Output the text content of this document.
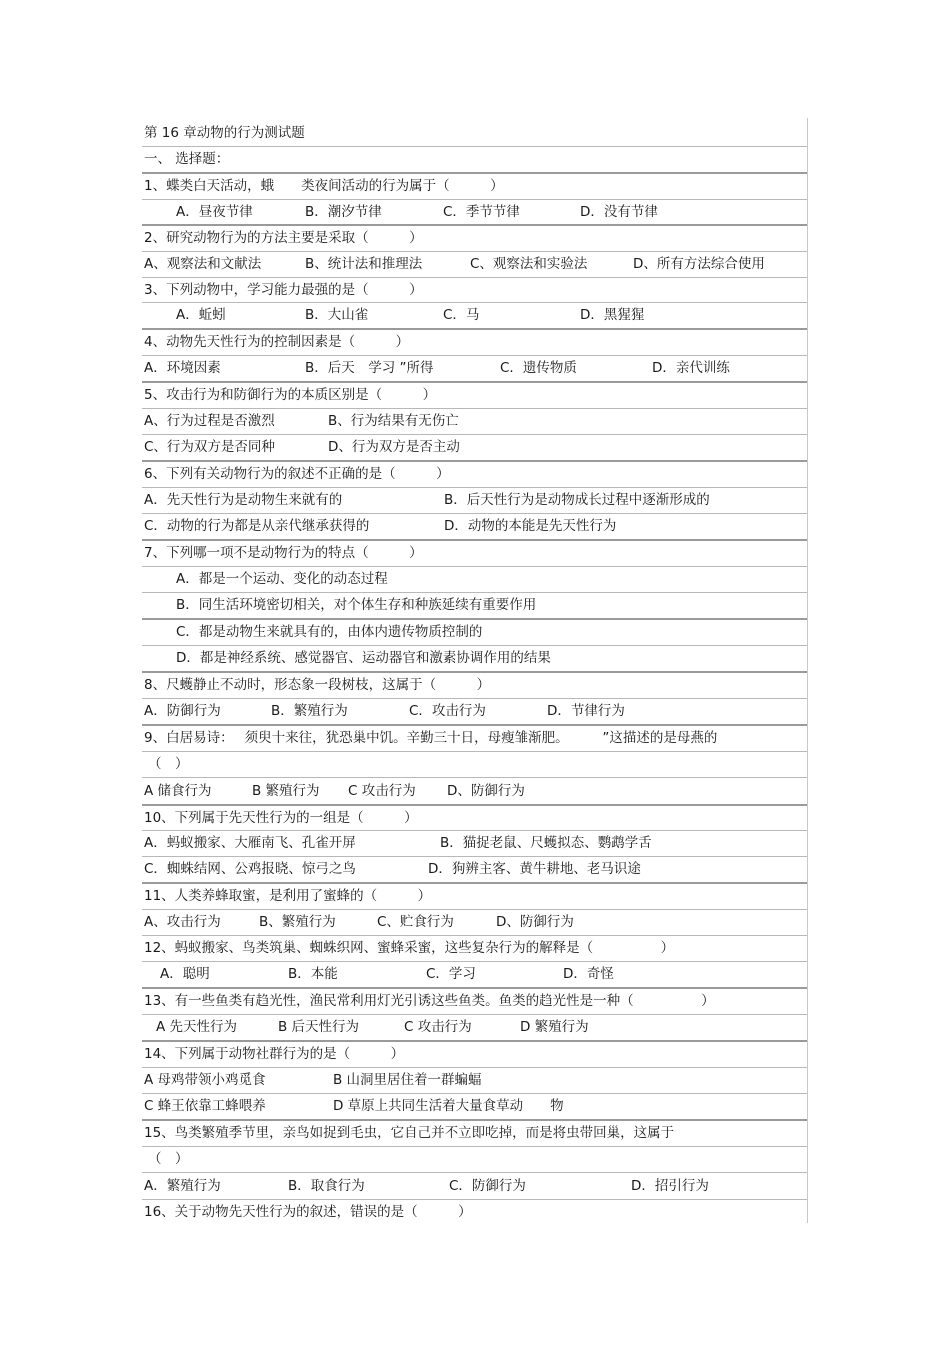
第 16 章动物的行为测试题
一、 选择题：
1、蝶类白天活动，蛾　　类夜间活动的行为属于（　　　）
A．昼夜节律	B．潮汐节律	C．季节节律	D．没有节律
2、研究动物行为的方法主要是采取（　　　）
A、观察法和文献法	B、统计法和推理法	C、观察法和实验法	D、所有方法综合使用
3、下列动物中，学习能力最强的是（　　　）
A．蚯蚓	B．大山雀	C．马	D．黑猩猩
4、动物先天性行为的控制因素是（　　　）
A．环境因素	B．后天　学习 ”所得	C．遗传物质	D．亲代训练
5、攻击行为和防御行为的本质区别是（　　　）
A、行为过程是否激烈	B、行为结果有无伤亡
C、行为双方是否同种	D、行为双方是否主动
6、下列有关动物行为的叙述不正确的是（　　　）
A．先天性行为是动物生来就有的	B．后天性行为是动物成长过程中逐渐形成的
C．动物的行为都是从亲代继承获得的	D．动物的本能是先天性行为
7、下列哪一项不是动物行为的特点（　　　）
A．都是一个运动、变化的动态过程
B．同生活环境密切相关，对个体生存和种族延续有重要作用
C．都是动物生来就具有的，由体内遗传物质控制的
D．都是神经系统、感觉器官、运动器官和激素协调作用的结果
8、尺蠖静止不动时，形态象一段树枝，这属于（　　　）
A．防御行为	B．繁殖行为	C．攻击行为	D．节律行为
9、白居易诗：　 须臾十来往，犹恐巢中饥。辛勤三十日，母瘦雏渐肥。　　　”这描述的是母燕的
（　）
A 储食行为	B 繁殖行为 C 攻击行为 D、防御行为
10、下列属于先天性行为的一组是（　　　）
A．蚂蚁搬家、大雁南飞、孔雀开屏	B．猫捉老鼠、尺蠖拟态、鹦鹉学舌
C．蜘蛛结网、公鸡报晓、惊弓之鸟	D．狗辨主客、黄牛耕地、老马识途
11、人类养蜂取蜜，是利用了蜜蜂的（　　　）
A、攻击行为	B、繁殖行为	C、贮食行为	D、防御行为
12、蚂蚁搬家、鸟类筑巢、蜘蛛织网、蜜蜂采蜜，这些复杂行为的解释是（　　　　　）
A．聪明	B．本能	C．学习	D．奇怪
13、有一些鱼类有趋光性，渔民常利用灯光引诱这些鱼类。鱼类的趋光性是一种（　　　　　）
A 先天性行为	B 后天性行为	C 攻击行为	D 繁殖行为
14、下列属于动物社群行为的是（　　　）
A 母鸡带领小鸡觅食	B 山洞里居住着一群蝙蝠
C 蜂王依靠工蜂喂养	D 草原上共同生活着大量食草动　　物
15、鸟类繁殖季节里，亲鸟如捉到毛虫，它自己并不立即吃掉，而是将虫带回巢，这属于
（　）
A．繁殖行为	B．取食行为	C．防御行为	D．招引行为
16、关于动物先天性行为的叙述，错误的是（　　　）
